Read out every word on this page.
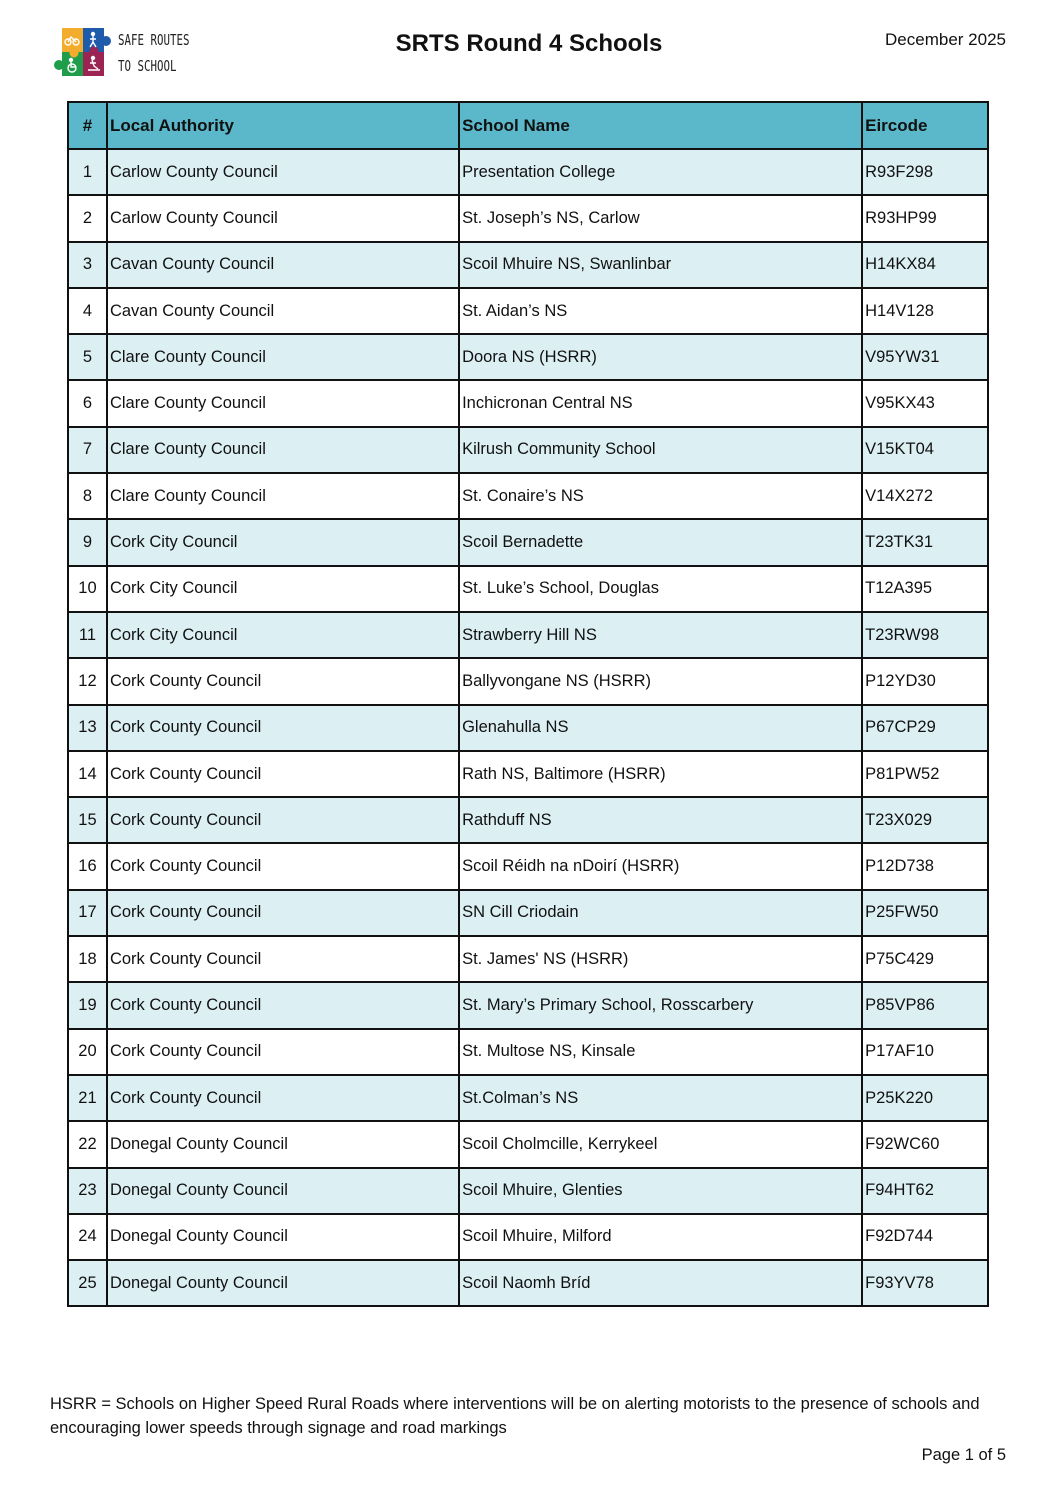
SAFE ROUTES
TO SCHOOL
SRTS Round 4 Schools	December 2025
#	Local Authority	School Name	Eircode
1	Carlow County Council	Presentation College	R93F298
2	Carlow County Council	St. Joseph’s NS, Carlow	R93HP99
3	Cavan County Council	Scoil Mhuire NS, Swanlinbar	H14KX84
4	Cavan County Council	St. Aidan’s NS	H14V128
5	Clare County Council	Doora NS (HSRR)	V95YW31
6	Clare County Council	Inchicronan Central NS	V95KX43
7	Clare County Council	Kilrush Community School	V15KT04
8	Clare County Council	St. Conaire’s NS	V14X272
9	Cork City Council	Scoil Bernadette	T23TK31
10	Cork City Council	St. Luke’s School, Douglas	T12A395
11	Cork City Council	Strawberry Hill NS	T23RW98
12	Cork County Council	Ballyvongane NS (HSRR)	P12YD30
13	Cork County Council	Glenahulla NS	P67CP29
14	Cork County Council	Rath NS, Baltimore (HSRR)	P81PW52
15	Cork County Council	Rathduff NS	T23X029
16	Cork County Council	Scoil Réidh na nDoirí (HSRR)	P12D738
17	Cork County Council	SN Cill Criodain	P25FW50
18	Cork County Council	St. James' NS (HSRR)	P75C429
19	Cork County Council	St. Mary’s Primary School, Rosscarbery	P85VP86
20	Cork County Council	St. Multose NS, Kinsale	P17AF10
21	Cork County Council	St.Colman’s NS	P25K220
22	Donegal County Council	Scoil Cholmcille, Kerrykeel	F92WC60
23	Donegal County Council	Scoil Mhuire, Glenties	F94HT62
24	Donegal County Council	Scoil Mhuire, Milford	F92D744
25	Donegal County Council	Scoil Naomh Bríd	F93YV78
HSRR = Schools on Higher Speed Rural Roads where interventions will be on alerting motorists to the presence of schools and encouraging lower speeds through signage and road markings
Page 1 of 5
